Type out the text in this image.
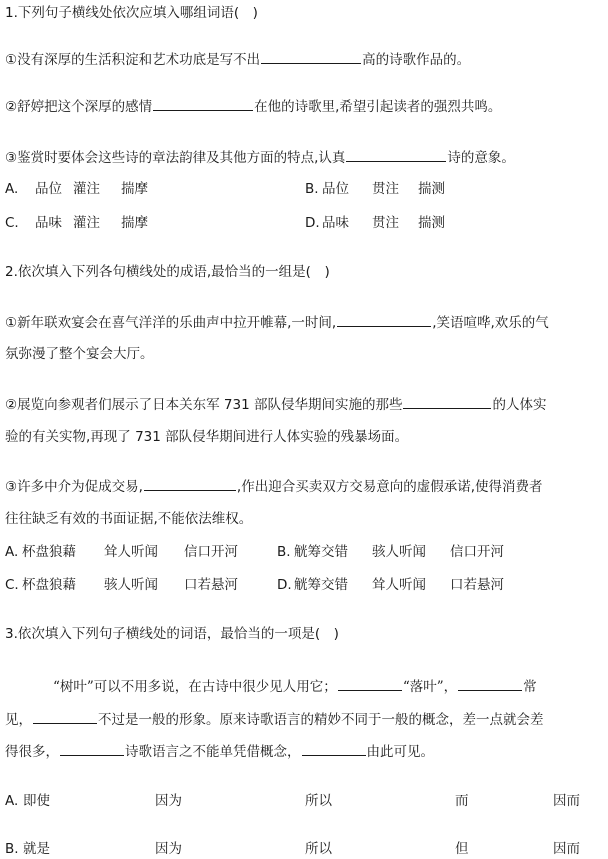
1.下列句子横线处依次应填入哪组词语(　)
①没有深厚的生活积淀和艺术功底是写不出	高的诗歌作品的。
②舒婷把这个深厚的感情	在他的诗歌里,希望引起读者的强烈共鸣。
③鉴赏时要体会这些诗的章法韵律及其他方面的特点,认真	诗的意象。
A. 品位 灌注 揣摩	B. 品位 贯注 揣测
C. 品味 灌注 揣摩	D. 品味 贯注 揣测
2.依次填入下列各句横线处的成语,最恰当的一组是(　)
①新年联欢宴会在喜气洋洋的乐曲声中拉开帷幕,一时间,	,笑语喧哗,欢乐的气
氛弥漫了整个宴会大厅。
②展览向参观者们展示了日本关东军 731 部队侵华期间实施的那些	的人体实
验的有关实物,再现了 731 部队侵华期间进行人体实验的残暴场面。
③许多中介为促成交易,	,作出迎合买卖双方交易意向的虚假承诺,使得消费者
往往缺乏有效的书面证据,不能依法维权。
A. 杯盘狼藉 耸人听闻 信口开河	B. 觥筹交错 骇人听闻 信口开河
C. 杯盘狼藉 骇人听闻 口若悬河	D. 觥筹交错 耸人听闻 口若悬河
3.依次填入下列句子横线处的词语，最恰当的一项是(　)
“树叶”可以不用多说，在古诗中很少见人用它；	“落叶”，	常
见，	不过是一般的形象。原来诗歌语言的精妙不同于一般的概念，差一点就会差
得很多，	诗歌语言之不能单凭借概念，	由此可见。
A. 即使	因为	所以	而	因而
B. 就是	因为	所以	但	因而
